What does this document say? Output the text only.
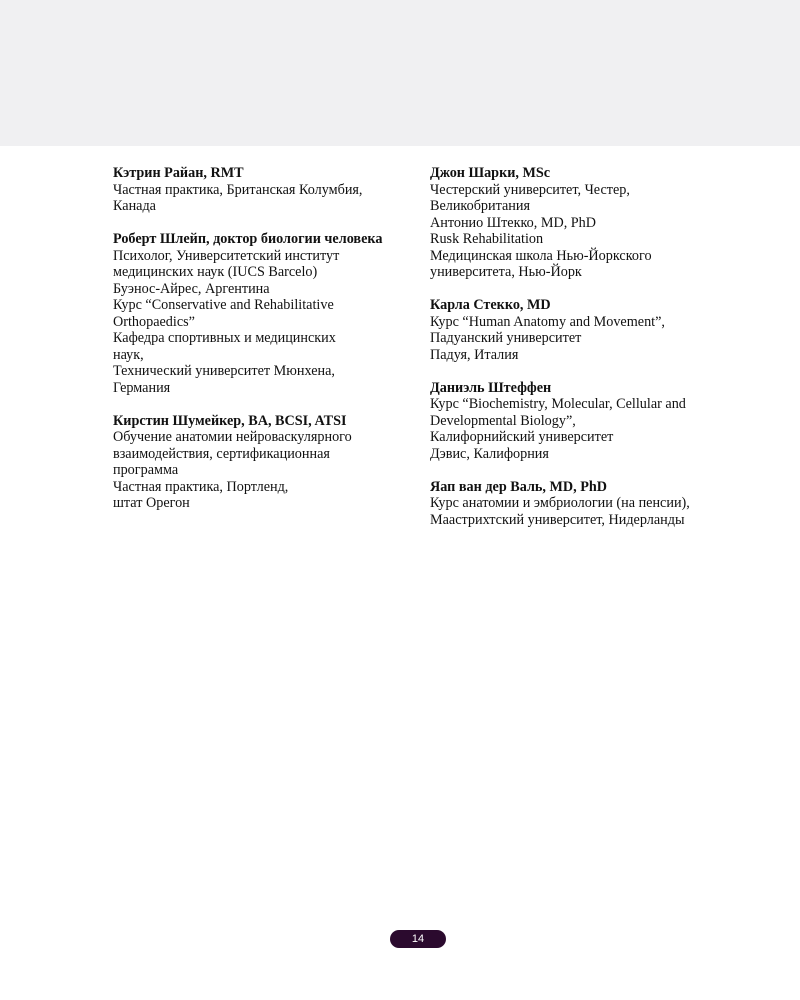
Кэтрин Райан, RMT
Частная практика, Британская Колумбия,
Канада
Роберт Шлейп, доктор биологии человека
Психолог, Университетский институт
медицинских наук (IUCS Barcelo)
Буэнос-Айрес, Аргентина
Курс “Conservative and Rehabilitative
Orthopaedics”
Кафедра спортивных и медицинских
наук,
Технический университет Мюнхена,
Германия
Кирстин Шумейкер, BA, BCSI, ATSI
Обучение анатомии нейроваскулярного
взаимодействия, сертификационная
программа
Частная практика, Портленд,
штат Орегон
Джон Шарки, MSc
Честерский университет, Честер,
Великобритания
Антонио Штекко, MD, PhD
Rusk Rehabilitation
Медицинская школа Нью-Йоркского
университета, Нью-Йорк
Карла Стекко, MD
Курс “Human Anatomy and Movement”,
Падуанский университет
Падуя, Италия
Даниэль Штеффен
Курс “Biochemistry, Molecular, Cellular and
Developmental Biology”,
Калифорнийский университет
Дэвис, Калифорния
Яап ван дер Валь, MD, PhD
Курс анатомии и эмбриологии (на пенсии),
Маастрихтский университет, Нидерланды
14
